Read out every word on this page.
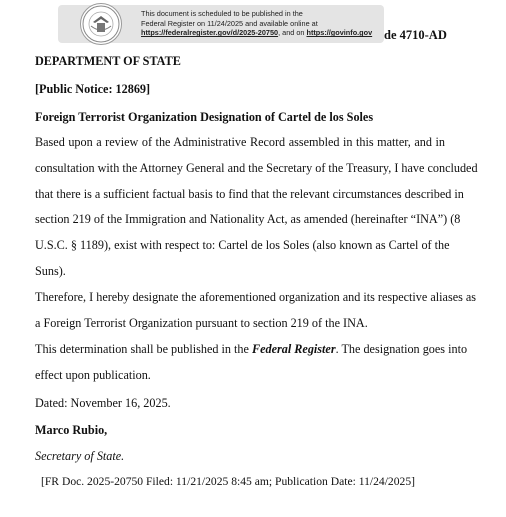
This document is scheduled to be published in the
Federal Register on 11/24/2025 and available online at
https://federalregister.gov/d/2025-20750, and on https://govinfo.gov de 4710-AD
DEPARTMENT OF STATE
[Public Notice: 12869]
Foreign Terrorist Organization Designation of Cartel de los Soles
Based upon a review of the Administrative Record assembled in this matter, and in
consultation with the Attorney General and the Secretary of the Treasury, I have concluded
that there is a sufficient factual basis to find that the relevant circumstances described in
section 219 of the Immigration and Nationality Act, as amended (hereinafter “INA”) (8
U.S.C. § 1189), exist with respect to: Cartel de los Soles (also known as Cartel of the
Suns).
Therefore, I hereby designate the aforementioned organization and its respective aliases as
a Foreign Terrorist Organization pursuant to section 219 of the INA.
This determination shall be published in the Federal Register. The designation goes into
effect upon publication.
Dated: November 16, 2025.
Marco Rubio,
Secretary of State.
[FR Doc. 2025-20750 Filed: 11/21/2025 8:45 am; Publication Date: 11/24/2025]
